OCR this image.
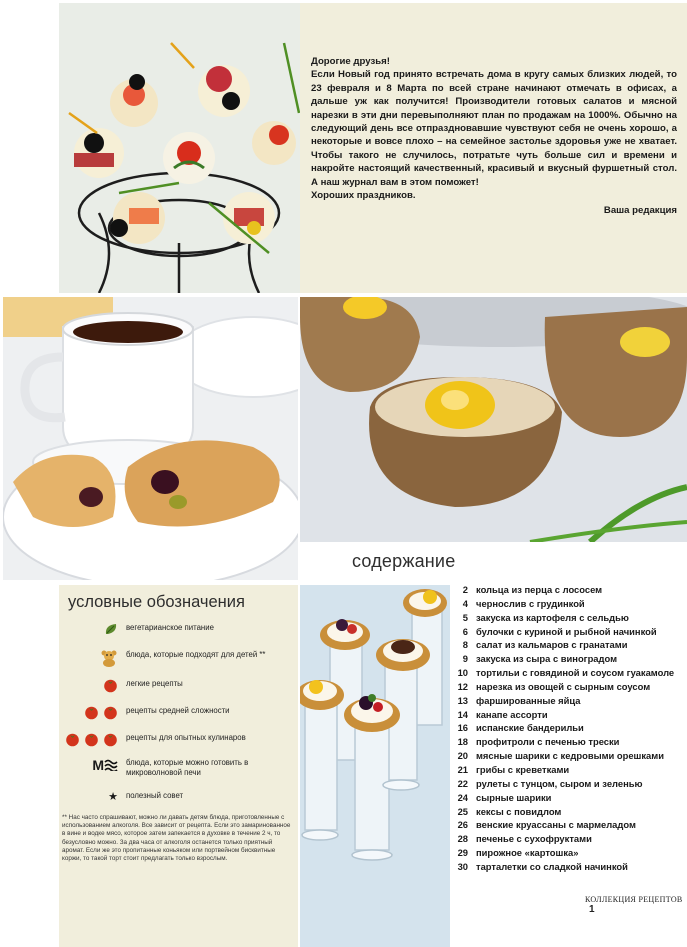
Дорогие друзья!

Если Новый год принято встречать дома в кругу самых близких людей, то 23 февраля и 8 Марта по всей стране начинают отмечать в офисах, а дальше уж как получится! Производители готовых салатов и мясной нарезки в эти дни перевыполняют план по продажам на 1000%. Обычно на следующий день все отпраздновавшие чувствуют себя не очень хорошо, а некоторые и вовсе плохо – на семейное застолье здоровья уже не хватает. Чтобы такого не случилось, потратьте чуть больше сил и времени и накройте настоящий качественный, красивый и вкусный фуршетный стол. А наш журнал вам в этом поможет!

Хороших праздников.

Ваша редакция
содержание
условные обозначения
вегетарианское питание
блюда, которые подходят для детей **
легкие рецепты
рецепты средней сложности
рецепты для опытных кулинаров
М	блюда, которые можно готовить в микроволновой печи
★ полезный совет
** Нас часто спрашивают, можно ли давать детям блюда, приготовленные с использованием алкоголя. Все зависит от рецепта. Если это замаринованное в вине и водке мясо, которое затем запекается в духовке в течение 2 ч, то безусловно можно. За два часа от алкоголя останется только приятный аромат. Если же это пропитанные коньяком или портвейном бисквитные коржи, то такой торт стоит предлагать только взрослым.
2 кольца из перца с лососем
4 чернослив с грудинкой
5 закуска из картофеля с сельдью
6 булочки с куриной и рыбной начинкой
8 салат из кальмаров с гранатами
9 закуска из сыра с виноградом
10 тортильи с говядиной и соусом гуакамоле
12 нарезка из овощей с сырным соусом
13 фаршированные яйца
14 канапе ассорти
16 испанские бандерильи
18 профитроли с печенью трески
20 мясные шарики с кедровыми орешками
21 грибы с креветками
22 рулеты с тунцом, сыром и зеленью
24 сырные шарики
25 кексы с повидлом
26 венские круассаны с мармеладом
28 печенье с сухофруктами
29 пирожное «картошка»
30 тарталетки со сладкой начинкой
КОЛЛЕКЦИЯ РЕЦЕПТОВ 1
